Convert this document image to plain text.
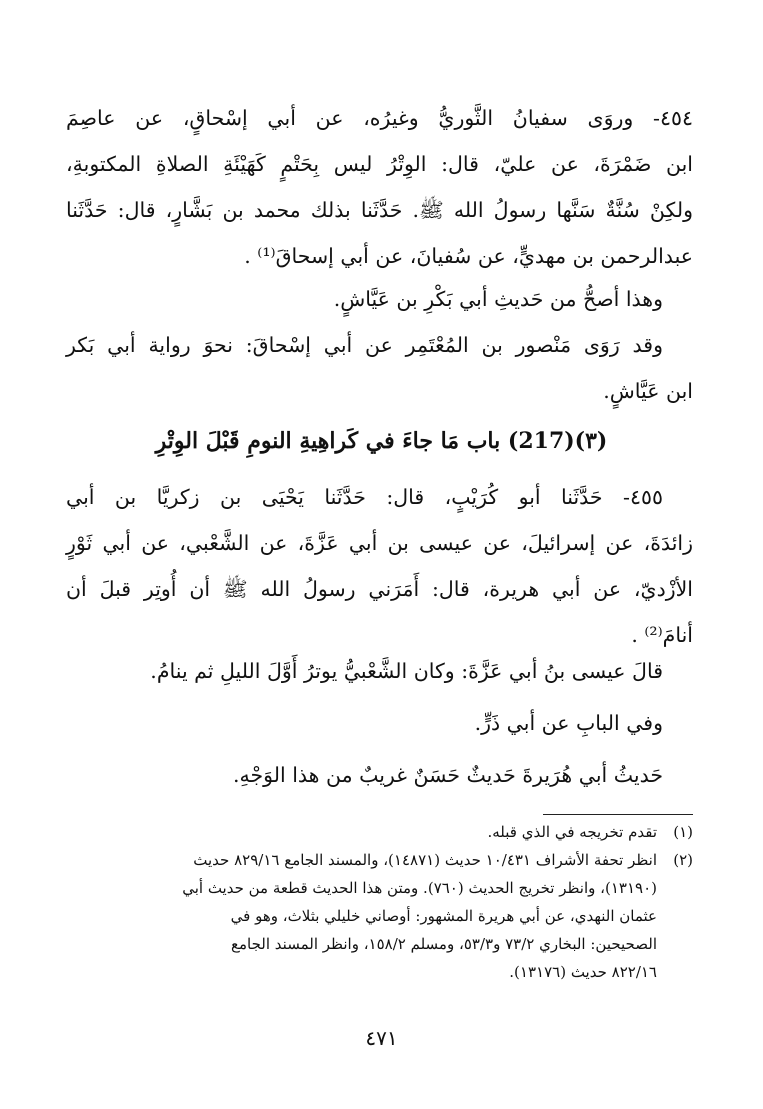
٤٥٤- وروَى سفيانُ الثَّوريُّ وغيرُه، عن أبي إسْحاقٍ، عن عاصِمَ
ابن ضَمْرَةَ، عن عليّ، قال: الوِتْرُ ليس بِحَتْمٍ كَهَيْئَةِ الصلاةِ المكتوبةِ،
ولكِنْ سُنَّةٌ سَنَّها رسولُ الله ﷺ. حَدَّثَنا بذلك محمد بن بَشَّارٍ، قال: حَدَّثَنا
عبدالرحمن بن مهديٍّ، عن سُفيانَ، عن أبي إسحاقَ⁽¹⁾ .
وهذا أصحُّ من حَديثِ أبي بَكْرِ بن عَيَّاشٍ.
وقد رَوَى مَنْصور بن المُعْتَمِر عن أبي إسْحاقَ: نحوَ رواية أبي بَكر
ابن عَيَّاشٍ.
(٣)(217) باب مَا جاءَ في كَراهِيةِ النومِ قَبْلَ الوِتْرِ
٤٥٥- حَدَّثَنا أبو كُرَيْبٍ، قال: حَدَّثَنا يَحْيَى بن زكريَّا بن أبي
زائدَةَ، عن إسرائيلَ، عن عيسى بن أبي عَزَّةَ، عن الشَّعْبي، عن أبي ثَوْرٍ
الأزْديّ، عن أبي هريرة، قال: أَمَرَني رسولُ الله ﷺ أن أُوتِر قبلَ أن
أنامَ⁽²⁾ .
قالَ عيسى بنُ أبي عَزَّةَ: وكان الشَّعْبيُّ يوترُ أَوَّلَ الليلِ ثم ينامُ.
وفي البابِ عن أبي ذَرٍّ.
حَديثُ أبي هُرَيرةَ حَديثٌ حَسَنٌ غريبٌ من هذا الوَجْهِ.
(١)
تقدم تخريجه في الذي قبله.
(٢)
انظر تحفة الأشراف ١٠/٤٣١ حديث (١٤٨٧١)، والمسند الجامع ٨٢٩/١٦ حديث
(١٣١٩٠)، وانظر تخريج الحديث (٧٦٠). ومتن هذا الحديث قطعة من حديث أبي
عثمان النهدي، عن أبي هريرة المشهور: أوصاني خليلي بثلاث، وهو في
الصحيحين: البخاري ٧٣/٢ و٥٣/٣، ومسلم ١٥٨/٢، وانظر المسند الجامع
٨٢٢/١٦ حديث (١٣١٧٦).
٤٧١
